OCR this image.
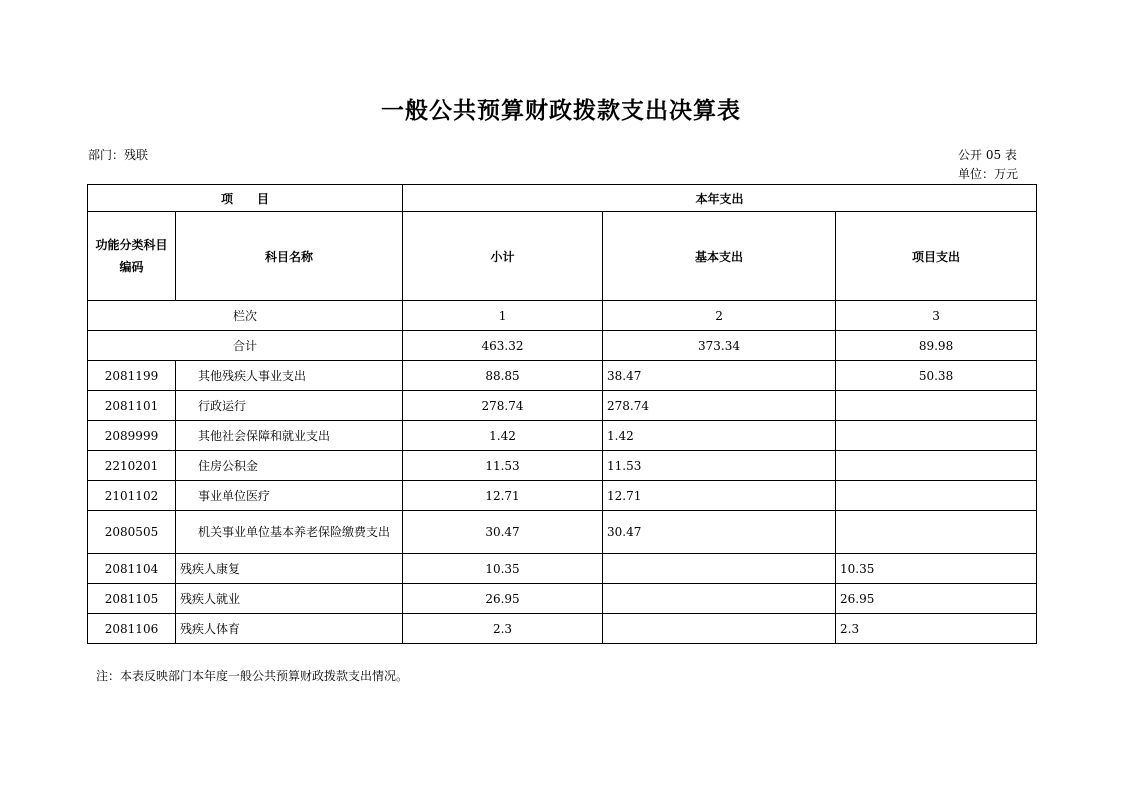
一般公共预算财政拨款支出决算表
部门：残联	公开 05 表
单位：万元
项　　目		本年支出		
功能分类科目编码	科目名称	小计	基本支出	项目支出
栏次		1	2	3
合计		463.32	373.34	89.98
2081199	其他残疾人事业支出	88.85	38.47	50.38
2081101	行政运行	278.74	278.74	
2089999	其他社会保障和就业支出	1.42	1.42	
2210201	住房公积金	11.53	11.53	
2101102	事业单位医疗	12.71	12.71	
2080505	机关事业单位基本养老保险缴费支出	30.47	30.47	
2081104	残疾人康复	10.35		10.35
2081105	残疾人就业	26.95		26.95
2081106	残疾人体育	2.3		2.3
注：本表反映部门本年度一般公共预算财政拨款支出情况。
